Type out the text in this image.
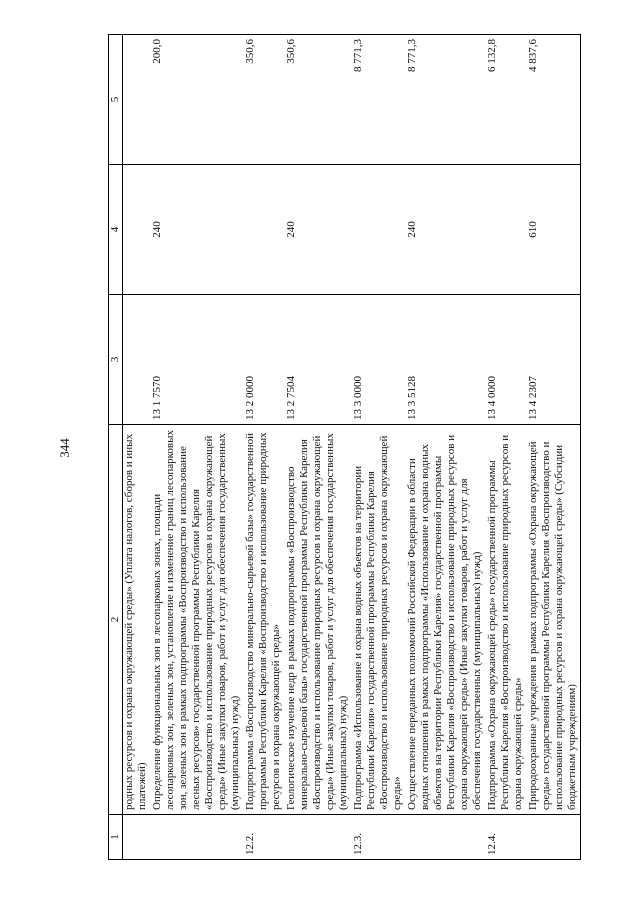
344
1	2	3	4	5
	родных ресурсов и охрана окружающей среды» (Уплата налогов, сборов и иных платежей)			
	Определение функциональных зон в лесопарковых зонах, площади лесопарковых зон, зеленых зон, установление и изменение границ лесопарковых зон, зеленых зон в рамках подпрограммы «Воспроизводство и использование лесных ресурсов» государственной программы Республики Карелия «Воспроизводство и использование природных ресурсов и охрана окружающей среды» (Иные закупки товаров, работ и услуг для обеспечения государственных (муниципальных) нужд)	13 1 7570	240	200,0
12.2.	Подпрограмма «Воспроизводство минерально-сырьевой базы» государственной программы Республики Карелия «Воспроизводство и использование природных ресурсов и охрана окружающей среды»	13 2 0000		350,6
	Геологическое изучение недр в рамках подпрограммы «Воспроизводство минерально-сырьевой базы» государственной программы Республики Карелия «Воспроизводство и использование природных ресурсов и охрана окружающей среды» (Иные закупки товаров, работ и услуг для обеспечения государственных (муниципальных) нужд)	13 2 7504	240	350,6
12.3.	Подпрограмма «Использование и охрана водных объектов на территории Республики Карелия» государственной программы Республики Карелия «Воспроизводство и использование природных ресурсов и охрана окружающей среды»	13 3 0000		8 771,3
	Осуществление переданных полномочий Российской Федерации в области водных отношений в рамках подпрограммы «Использование и охрана водных объектов на территории Республики Карелия» государственной программы Республики Карелия «Воспроизводство и использование природных ресурсов и охрана окружающей среды» (Иные закупки товаров, работ и услуг для обеспечения государственных (муниципальных) нужд)	13 3 5128	240	8 771,3
12.4.	Подпрограмма «Охрана окружающей среды» государственной программы Республики Карелия «Воспроизводство и использование природных ресурсов и охрана окружающей среды»	13 4 0000		6 132,8
	Природоохранные учреждения в рамках подпрограммы «Охрана окружающей среды» государственной программы Республики Карелия «Воспроизводство и использование природных ресурсов и охрана окружающей среды» (Субсидии бюджетным учреждениям)	13 4 2307	610	4 837,6
